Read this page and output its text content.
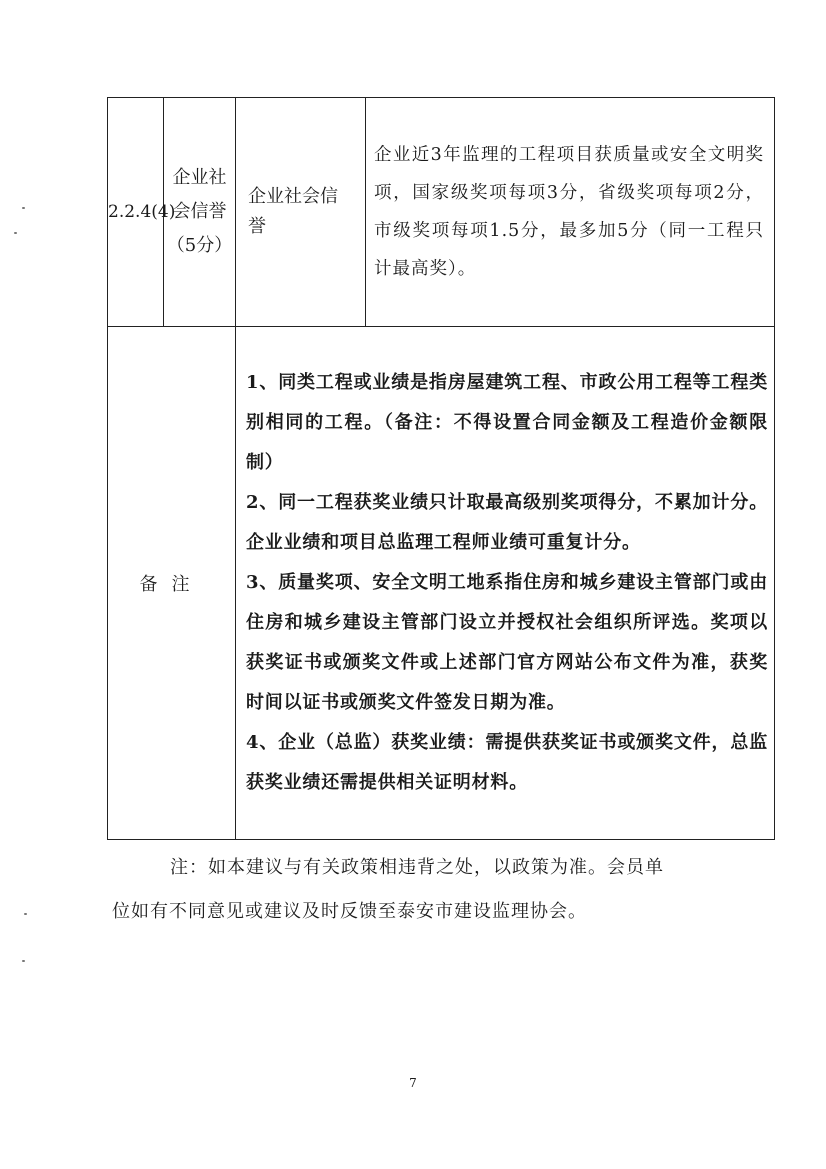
2.2.4(4)	企业社会信誉（5分）	企业社会信誉	企业近3年监理的工程项目获质量或安全文明奖项，国家级奖项每项3分，省级奖项每项2分，市级奖项每项1.5分，最多加5分（同一工程只计最高奖）。
备注		1、同类工程或业绩是指房屋建筑工程、市政公用工程等工程类别相同的工程。（备注：不得设置合同金额及工程造价金额限制）

2、同一工程获奖业绩只计取最高级别奖项得分，不累加计分。企业业绩和项目总监理工程师业绩可重复计分。

3、质量奖项、安全文明工地系指住房和城乡建设主管部门或由住房和城乡建设主管部门设立并授权社会组织所评选。奖项以获奖证书或颁奖文件或上述部门官方网站公布文件为准，获奖时间以证书或颁奖文件签发日期为准。

4、企业（总监）获奖业绩：需提供获奖证书或颁奖文件，总监获奖业绩还需提供相关证明材料。	

注：如本建议与有关政策相违背之处，以政策为准。会员单

位如有不同意见或建议及时反馈至泰安市建设监理协会。

7
